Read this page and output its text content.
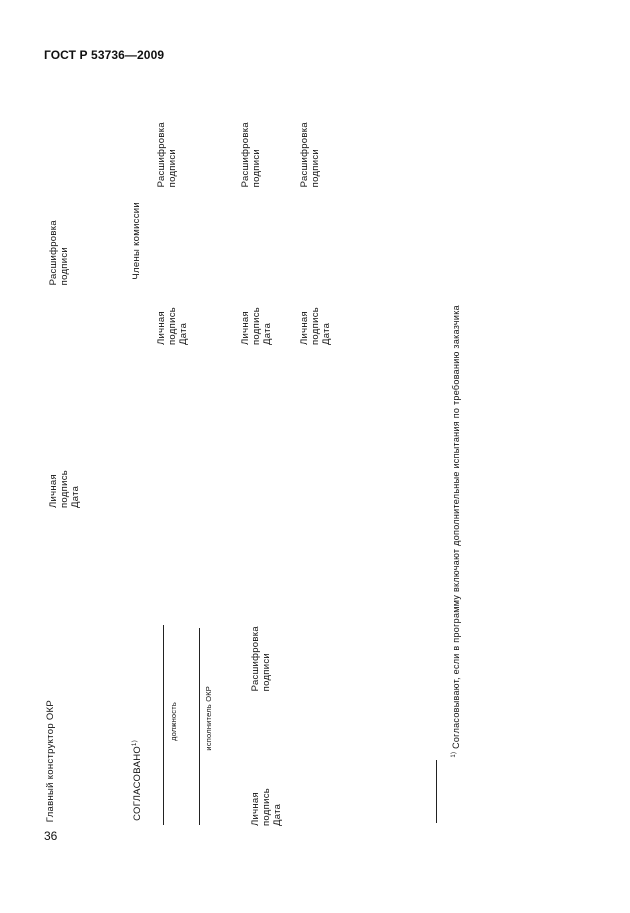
ГОСТ Р 53736—2009
Главный конструктор ОКР
Личная подпись Дата
Расшифровка подписи
СОГЛАСОВАНО$^{1)}$
должность	исполнитель ОКР
Личная подпись Дата
Расшифровка подписи
Члены комиссии
Личная подпись Дата
Расшифровка подписи
Личная подпись Дата
Расшифровка подписи
Личная подпись Дата
Расшифровка подписи
$^{1)}$ Согласовывают, если в программу включают дополнительные испытания по требованию заказчика
36
